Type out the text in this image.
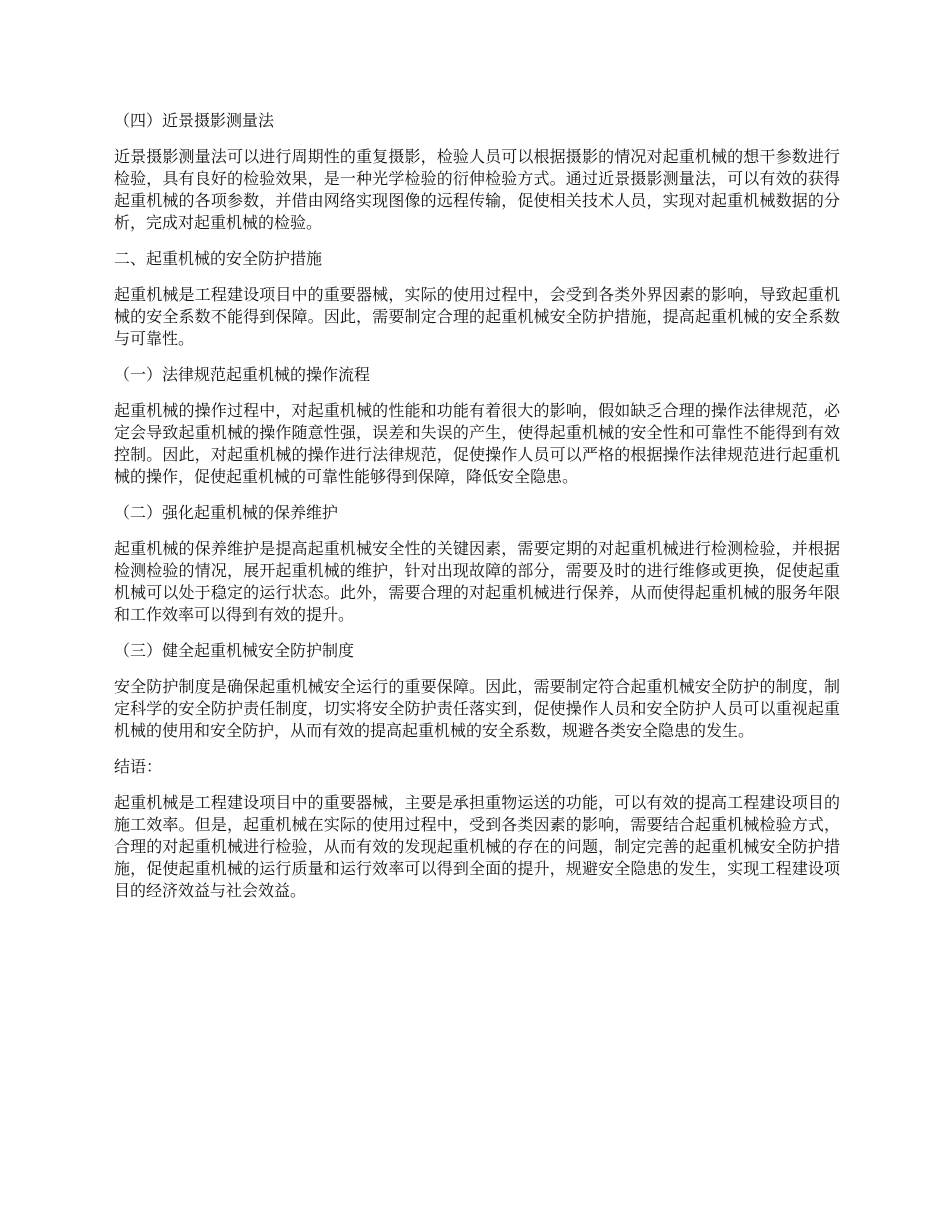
（四）近景摄影测量法
近景摄影测量法可以进行周期性的重复摄影，检验人员可以根据摄影的情况对起重机械的想干参数进行检验，具有良好的检验效果，是一种光学检验的衍伸检验方式。通过近景摄影测量法，可以有效的获得起重机械的各项参数，并借由网络实现图像的远程传输，促使相关技术人员，实现对起重机械数据的分析，完成对起重机械的检验。
二、起重机械的安全防护措施
起重机械是工程建设项目中的重要器械，实际的使用过程中，会受到各类外界因素的影响，导致起重机械的安全系数不能得到保障。因此，需要制定合理的起重机械安全防护措施，提高起重机械的安全系数与可靠性。
（一）法律规范起重机械的操作流程
起重机械的操作过程中，对起重机械的性能和功能有着很大的影响，假如缺乏合理的操作法律规范，必定会导致起重机械的操作随意性强，误差和失误的产生，使得起重机械的安全性和可靠性不能得到有效控制。因此，对起重机械的操作进行法律规范，促使操作人员可以严格的根据操作法律规范进行起重机械的操作，促使起重机械的可靠性能够得到保障，降低安全隐患。
（二）强化起重机械的保养维护
起重机械的保养维护是提高起重机械安全性的关键因素，需要定期的对起重机械进行检测检验，并根据检测检验的情况，展开起重机械的维护，针对出现故障的部分，需要及时的进行维修或更换，促使起重机械可以处于稳定的运行状态。此外，需要合理的对起重机械进行保养，从而使得起重机械的服务年限和工作效率可以得到有效的提升。
（三）健全起重机械安全防护制度
安全防护制度是确保起重机械安全运行的重要保障。因此，需要制定符合起重机械安全防护的制度，制定科学的安全防护责任制度，切实将安全防护责任落实到，促使操作人员和安全防护人员可以重视起重机械的使用和安全防护，从而有效的提高起重机械的安全系数，规避各类安全隐患的发生。
结语：
起重机械是工程建设项目中的重要器械，主要是承担重物运送的功能，可以有效的提高工程建设项目的施工效率。但是，起重机械在实际的使用过程中，受到各类因素的影响，需要结合起重机械检验方式，合理的对起重机械进行检验，从而有效的发现起重机械的存在的问题，制定完善的起重机械安全防护措施，促使起重机械的运行质量和运行效率可以得到全面的提升，规避安全隐患的发生，实现工程建设项目的经济效益与社会效益。
